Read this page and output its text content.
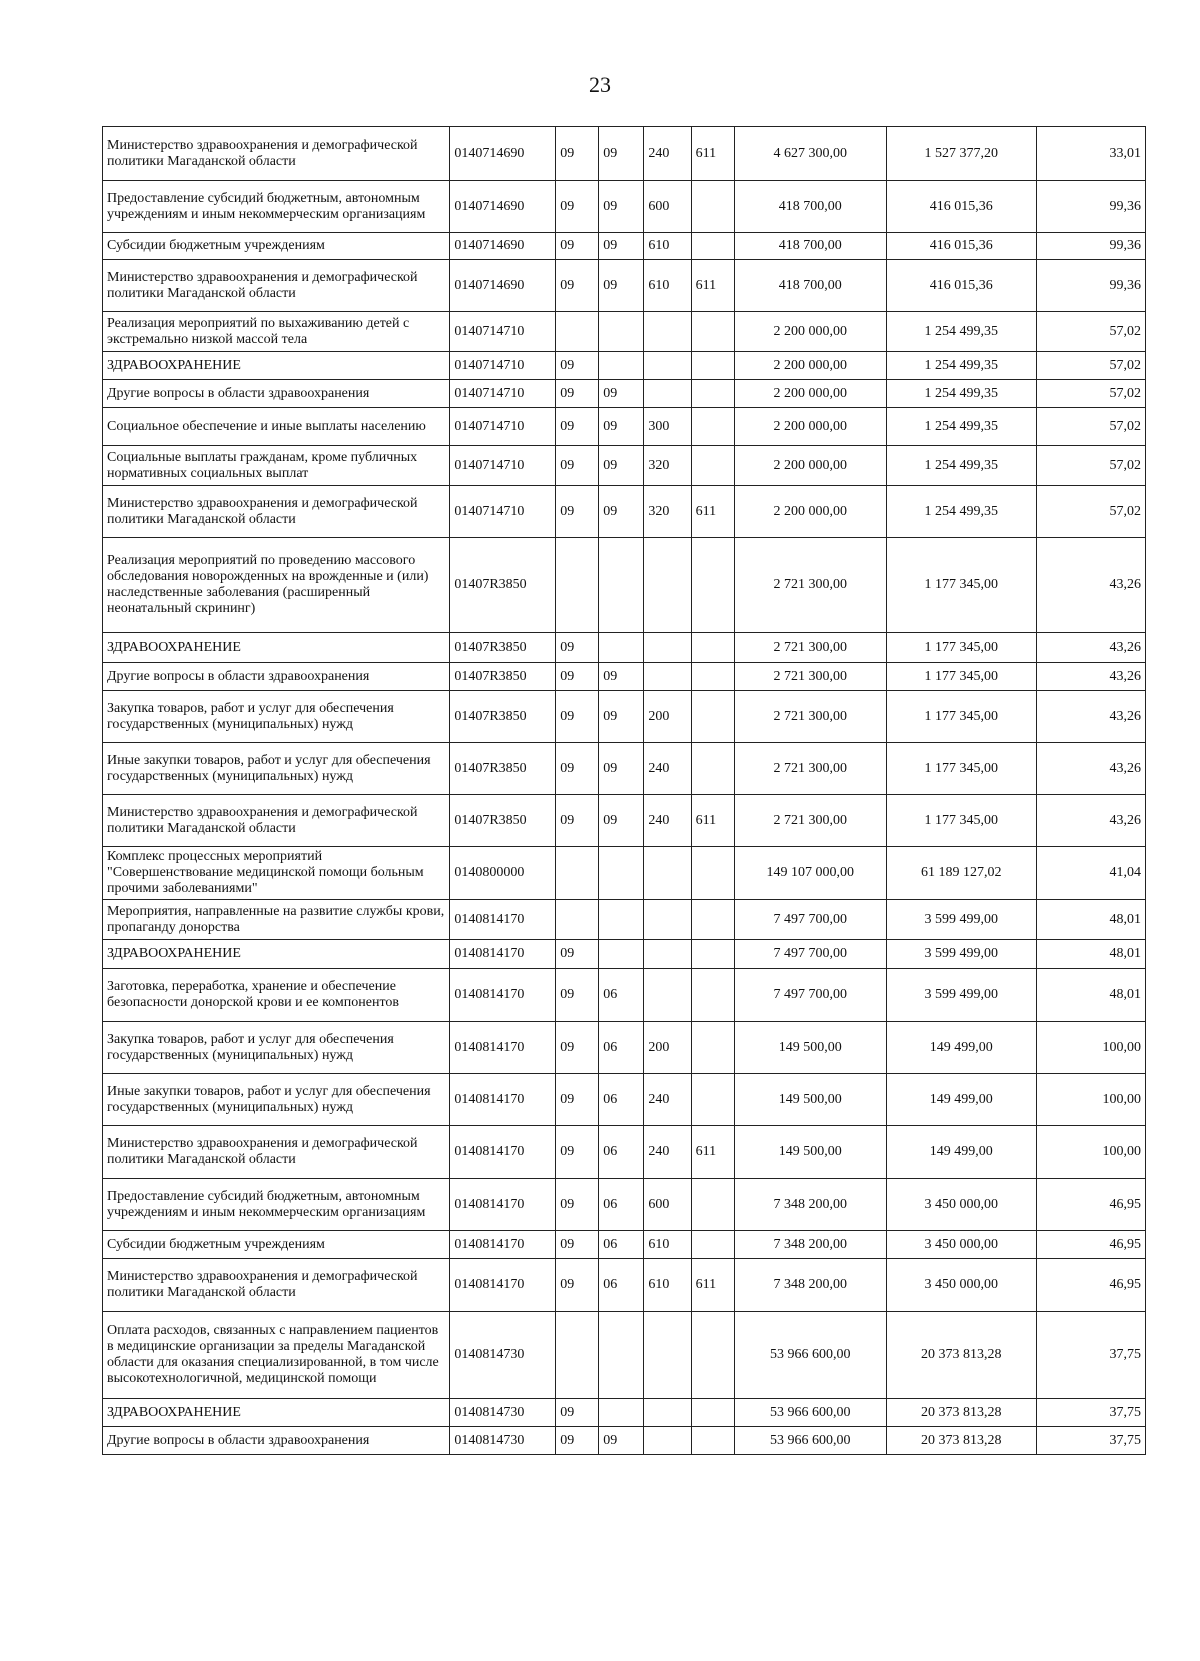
23
Министерство здравоохранения и демографической политики Магаданской области	0140714690	09	09	240	611	4 627 300,00	1 527 377,20	33,01
Предоставление субсидий бюджетным, автономным учреждениям и иным некоммерческим организациям	0140714690	09	09	600		418 700,00	416 015,36	99,36
Субсидии бюджетным учреждениям	0140714690	09	09	610		418 700,00	416 015,36	99,36
Министерство здравоохранения и демографической политики Магаданской области	0140714690	09	09	610	611	418 700,00	416 015,36	99,36
Реализация мероприятий по выхаживанию детей с экстремально низкой массой тела	0140714710					2 200 000,00	1 254 499,35	57,02
ЗДРАВООХРАНЕНИЕ	0140714710	09				2 200 000,00	1 254 499,35	57,02
Другие вопросы в области здравоохранения	0140714710	09	09			2 200 000,00	1 254 499,35	57,02
Социальное обеспечение и иные выплаты населению	0140714710	09	09	300		2 200 000,00	1 254 499,35	57,02
Социальные выплаты гражданам, кроме публичных нормативных социальных выплат	0140714710	09	09	320		2 200 000,00	1 254 499,35	57,02
Министерство здравоохранения и демографической политики Магаданской области	0140714710	09	09	320	611	2 200 000,00	1 254 499,35	57,02
Реализация мероприятий по проведению массового обследования новорожденных на врожденные и (или) наследственные заболевания (расширенный неонатальный скрининг)	01407R3850					2 721 300,00	1 177 345,00	43,26
ЗДРАВООХРАНЕНИЕ	01407R3850	09				2 721 300,00	1 177 345,00	43,26
Другие вопросы в области здравоохранения	01407R3850	09	09			2 721 300,00	1 177 345,00	43,26
Закупка товаров, работ и услуг для обеспечения государственных (муниципальных) нужд	01407R3850	09	09	200		2 721 300,00	1 177 345,00	43,26
Иные закупки товаров, работ и услуг для обеспечения государственных (муниципальных) нужд	01407R3850	09	09	240		2 721 300,00	1 177 345,00	43,26
Министерство здравоохранения и демографической политики Магаданской области	01407R3850	09	09	240	611	2 721 300,00	1 177 345,00	43,26
Комплекс процессных мероприятий "Совершенствование медицинской помощи больным прочими заболеваниями"	0140800000					149 107 000,00	61 189 127,02	41,04
Мероприятия, направленные на развитие службы крови, пропаганду донорства	0140814170					7 497 700,00	3 599 499,00	48,01
ЗДРАВООХРАНЕНИЕ	0140814170	09				7 497 700,00	3 599 499,00	48,01
Заготовка, переработка, хранение и обеспечение безопасности донорской крови и ее компонентов	0140814170	09	06			7 497 700,00	3 599 499,00	48,01
Закупка товаров, работ и услуг для обеспечения государственных (муниципальных) нужд	0140814170	09	06	200		149 500,00	149 499,00	100,00
Иные закупки товаров, работ и услуг для обеспечения государственных (муниципальных) нужд	0140814170	09	06	240		149 500,00	149 499,00	100,00
Министерство здравоохранения и демографической политики Магаданской области	0140814170	09	06	240	611	149 500,00	149 499,00	100,00
Предоставление субсидий бюджетным, автономным учреждениям и иным некоммерческим организациям	0140814170	09	06	600		7 348 200,00	3 450 000,00	46,95
Субсидии бюджетным учреждениям	0140814170	09	06	610		7 348 200,00	3 450 000,00	46,95
Министерство здравоохранения и демографической политики Магаданской области	0140814170	09	06	610	611	7 348 200,00	3 450 000,00	46,95
Оплата расходов, связанных с направлением пациентов в медицинские организации за пределы Магаданской области для оказания специализированной, в том числе высокотехнологичной, медицинской помощи	0140814730					53 966 600,00	20 373 813,28	37,75
ЗДРАВООХРАНЕНИЕ	0140814730	09				53 966 600,00	20 373 813,28	37,75
Другие вопросы в области здравоохранения	0140814730	09	09			53 966 600,00	20 373 813,28	37,75
